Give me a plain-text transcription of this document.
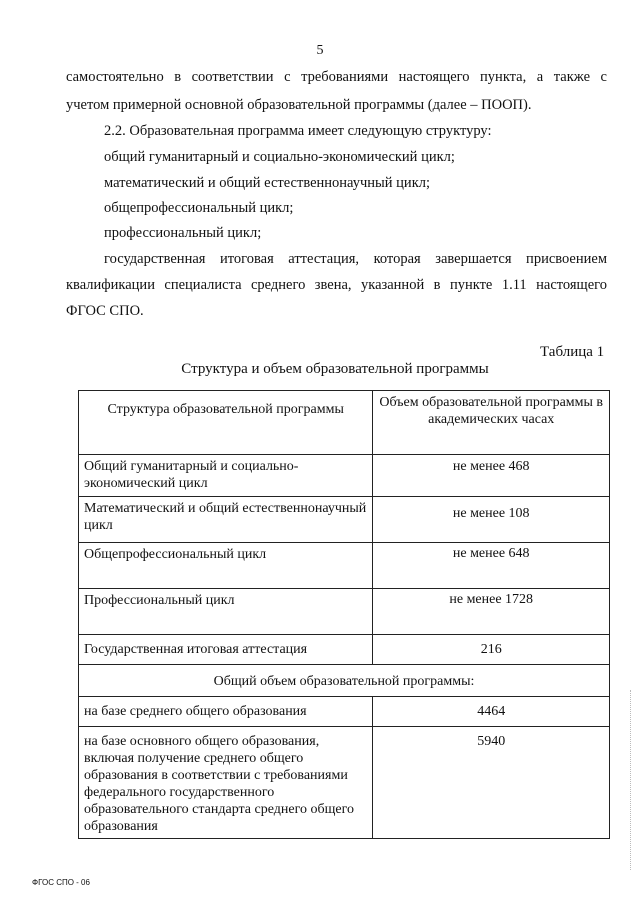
5

самостоятельно в соответствии с требованиями настоящего пункта, а также с

учетом примерной основной образовательной программы (далее – ПООП).

2.2. Образовательная программа имеет следующую структуру:

общий гуманитарный и социально-экономический цикл;

математический и общий естественнонаучный цикл;

общепрофессиональный цикл;

профессиональный цикл;

государственная итоговая аттестация, которая завершается присвоением

квалификации специалиста среднего звена, указанной в пункте 1.11 настоящего

ФГОС СПО.

Таблица 1
Структура и объем образовательной программы
Структура образовательной программы	Объем образовательной программы в академических часах
Общий гуманитарный и социально-экономический цикл	не менее 468
Математический и общий естественнонаучный цикл	не менее 108
Общепрофессиональный цикл	не менее 648
Профессиональный цикл	не менее 1728
Государственная итоговая аттестация	216
Общий объем образовательной программы:	
на базе среднего общего образования	4464
на базе основного общего образования, включая получение среднего общего образования в соответствии с требованиями федерального государственного образовательного стандарта среднего общего образования	5940
ФГОС СПО - 06
